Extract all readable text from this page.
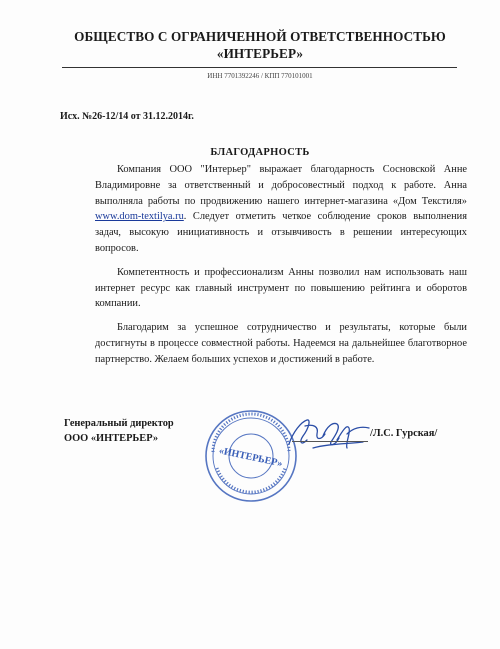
ОБЩЕСТВО С ОГРАНИЧЕННОЙ ОТВЕТСТВЕННОСТЬЮ
«ИНТЕРЬЕР»
ИНН 7701392246 / КПП 770101001
Исх. №26-12/14 от 31.12.2014г.
БЛАГОДАРНОСТЬ

Компания ООО "Интерьер" выражает благодарность Сосновской Анне Владимировне за ответственный и добросовестный подход к работе. Анна выполняла работы по продвижению нашего интернет-магазина «Дом Текстиля» www.dom-textilya.ru. Следует отметить четкое соблюдение сроков выполнения задач, высокую инициативность и отзывчивость в решении интересующих вопросов.

Компетентность и профессионализм Анны позволил нам использовать наш интернет ресурс как главный инструмент по повышению рейтинга и оборотов компании.

Благодарим за успешное сотрудничество и результаты, которые были достигнуты в процессе совместной работы. Надеемся на дальнейшее благотворное партнерство. Желаем больших успехов и достижений в работе.

Генеральный директор
ООО «ИНТЕРЬЕР»
«ИНТЕРЬЕР»
/Л.С. Гурская/
